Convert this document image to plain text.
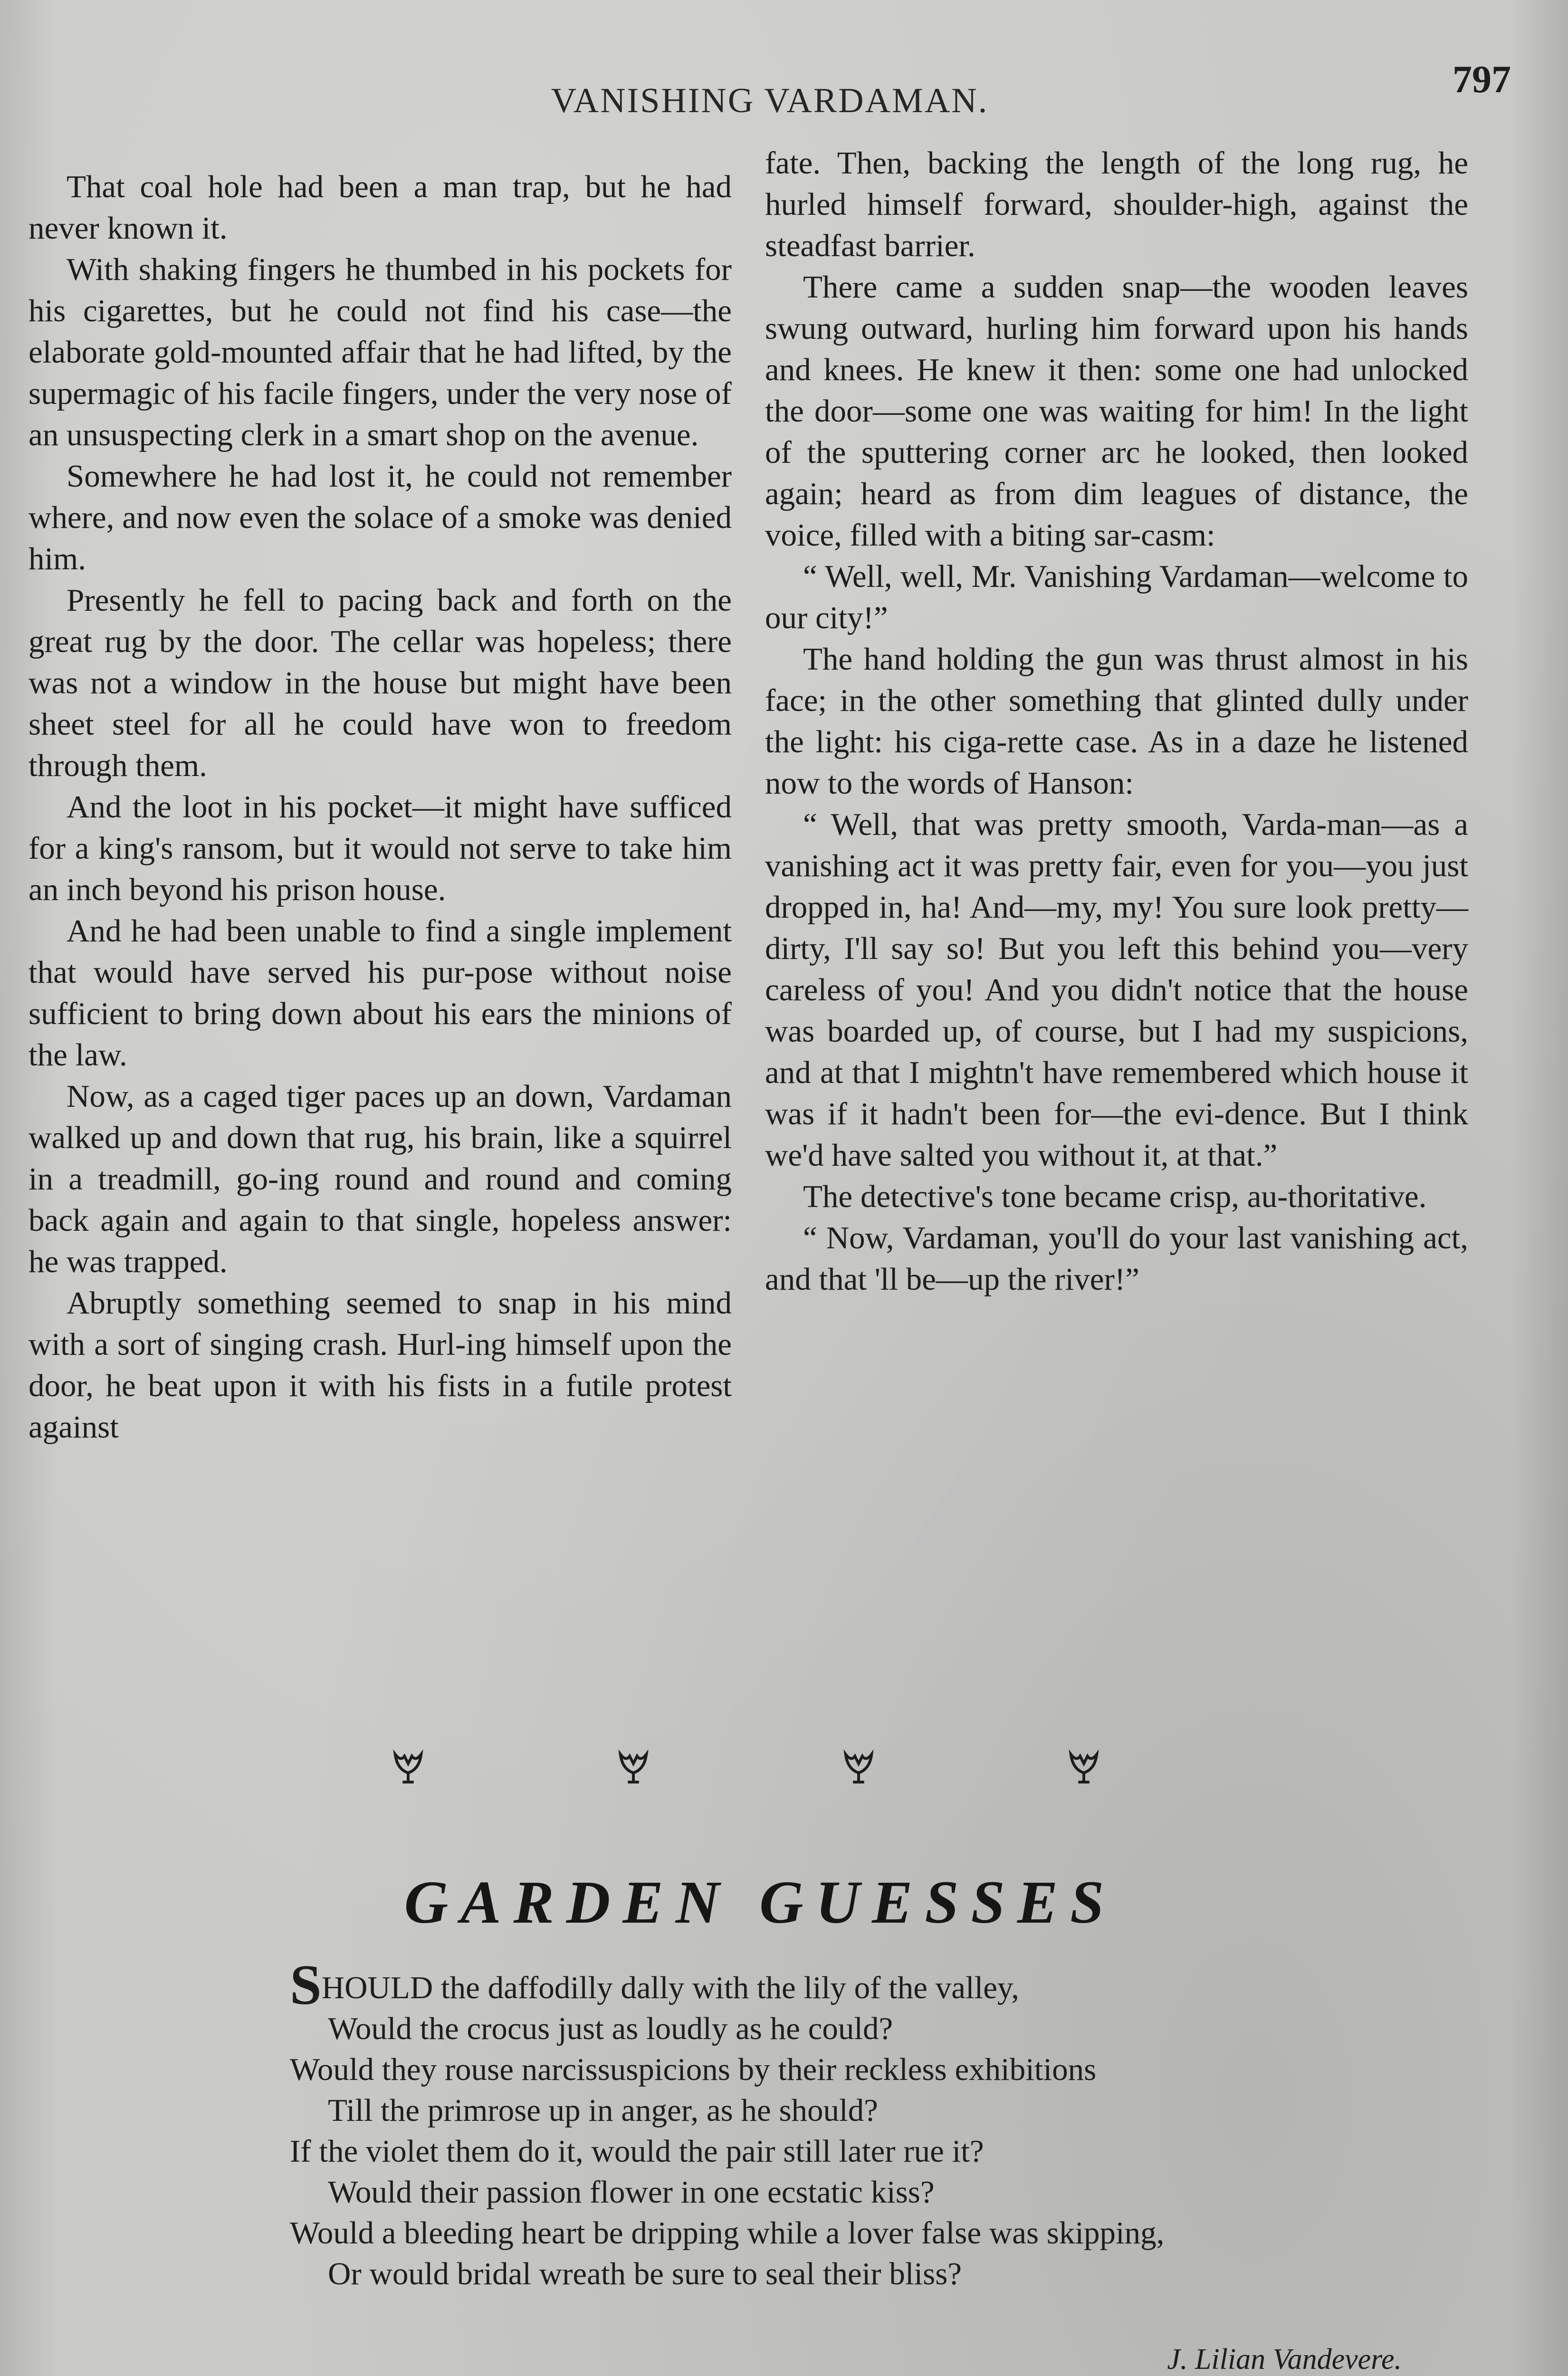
VANISHING VARDAMAN.	797

That coal hole had been a man trap, but he had never known it.

With shaking fingers he thumbed in his pockets for his cigarettes, but he could not find his case—the elaborate gold-mounted affair that he had lifted, by the supermagic of his facile fingers, under the very nose of an unsuspecting clerk in a smart shop on the avenue.

Somewhere he had lost it, he could not remember where, and now even the solace of a smoke was denied him.

Presently he fell to pacing back and forth on the great rug by the door. The cellar was hopeless; there was not a window in the house but might have been sheet steel for all he could have won to freedom through them.

And the loot in his pocket—it might have sufficed for a king's ransom, but it would not serve to take him an inch beyond his prison house.

And he had been unable to find a single implement that would have served his pur-pose without noise sufficient to bring down about his ears the minions of the law.

Now, as a caged tiger paces up an down, Vardaman walked up and down that rug, his brain, like a squirrel in a treadmill, go-ing round and round and coming back again and again to that single, hopeless answer: he was trapped.

Abruptly something seemed to snap in his mind with a sort of singing crash. Hurl-ing himself upon the door, he beat upon it with his fists in a futile protest against

fate. Then, backing the length of the long rug, he hurled himself forward, shoulder-high, against the steadfast barrier.

There came a sudden snap—the wooden leaves swung outward, hurling him forward upon his hands and knees. He knew it then: some one had unlocked the door—some one was waiting for him! In the light of the sputtering corner arc he looked, then looked again; heard as from dim leagues of distance, the voice, filled with a biting sar-casm:

“ Well, well, Mr. Vanishing Vardaman—welcome to our city!”

The hand holding the gun was thrust almost in his face; in the other something that glinted dully under the light: his ciga-rette case. As in a daze he listened now to the words of Hanson:

“ Well, that was pretty smooth, Varda-man—as a vanishing act it was pretty fair, even for you—you just dropped in, ha! And—my, my! You sure look pretty—dirty, I'll say so! But you left this behind you—very careless of you! And you didn't notice that the house was boarded up, of course, but I had my suspicions, and at that I mightn't have remembered which house it was if it hadn't been for—the evi-dence. But I think we'd have salted you without it, at that.”

The detective's tone became crisp, au-thoritative.

“ Now, Vardaman, you'll do your last vanishing act, and that 'll be—up the river!”

GARDEN GUESSES
SHOULD the daffodilly dally with the lily of the valley,
Would the crocus just as loudly as he could?
Would they rouse narcissuspicions by their reckless exhibitions
Till the primrose up in anger, as he should?
If the violet them do it, would the pair still later rue it?
Would their passion flower in one ecstatic kiss?
Would a bleeding heart be dripping while a lover false was skipping,
Or would bridal wreath be sure to seal their bliss?
J. Lilian Vandevere.
